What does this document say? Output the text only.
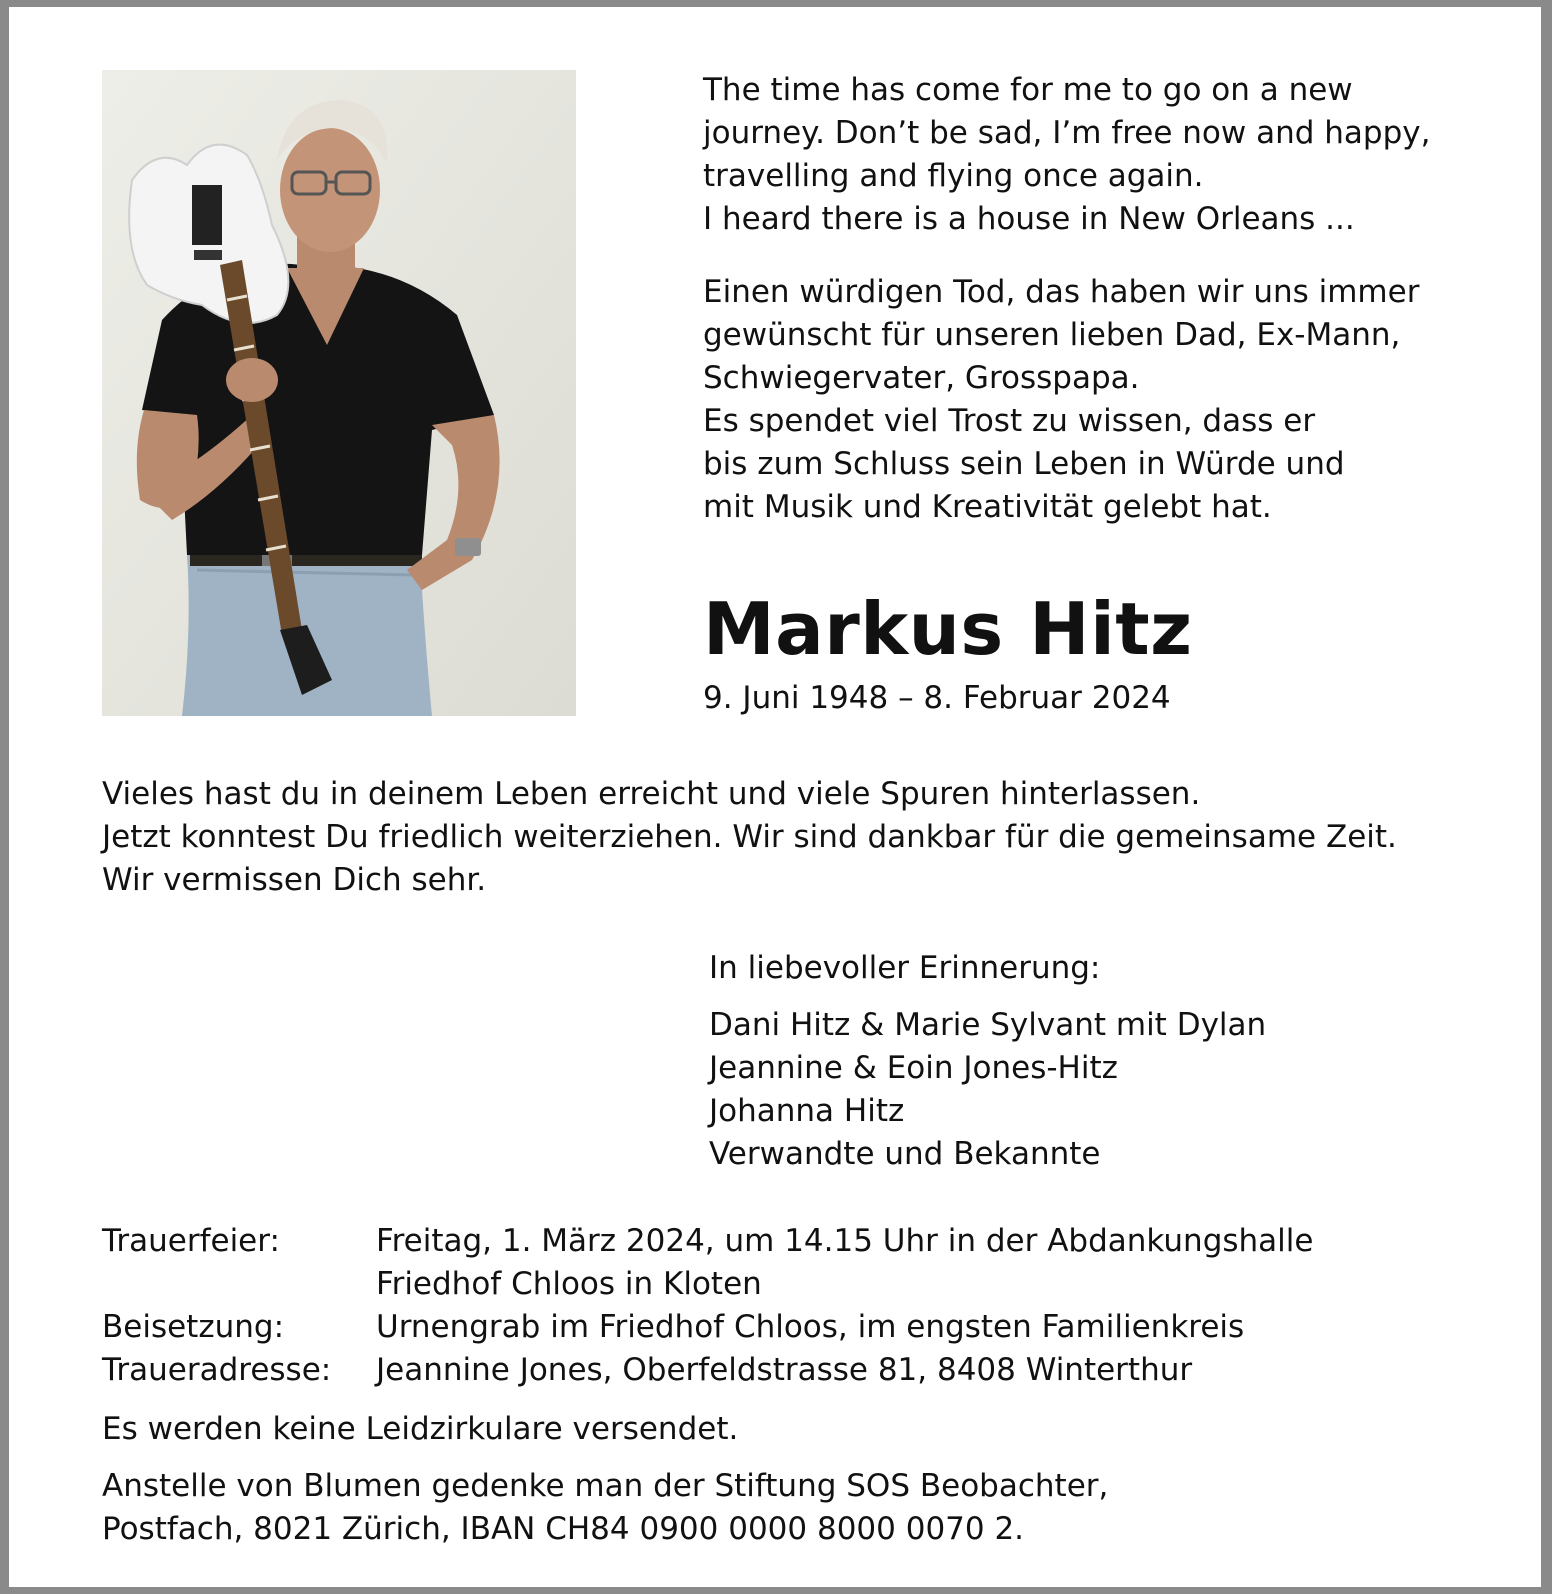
The time has come for me to go on a new
journey. Don’t be sad, I’m free now and happy,
travelling and flying once again.
I heard there is a house in New Orleans ...
Einen würdigen Tod, das haben wir uns immer
gewünscht für unseren lieben Dad, Ex-Mann,
Schwiegervater, Grosspapa.
Es spendet viel Trost zu wissen, dass er
bis zum Schluss sein Leben in Würde und
mit Musik und Kreativität gelebt hat.
Markus Hitz
9. Juni 1948 – 8. Februar 2024
Vieles hast du in deinem Leben erreicht und viele Spuren hinterlassen.
Jetzt konntest Du friedlich weiterziehen. Wir sind dankbar für die gemeinsame Zeit.
Wir vermissen Dich sehr.
In liebevoller Erinnerung:
Dani Hitz & Marie Sylvant mit Dylan
Jeannine & Eoin Jones-Hitz
Johanna Hitz
Verwandte und Bekannte
Trauerfeier:	Freitag, 1. März 2024, um 14.15 Uhr in der Abdankungshalle
Friedhof Chloos in Kloten
Beisetzung:	Urnengrab im Friedhof Chloos, im engsten Familienkreis
Traueradresse:	Jeannine Jones, Oberfeldstrasse 81, 8408 Winterthur
Es werden keine Leidzirkulare versendet.
Anstelle von Blumen gedenke man der Stiftung SOS Beobachter,
Postfach, 8021 Zürich, IBAN CH84 0900 0000 8000 0070 2.
